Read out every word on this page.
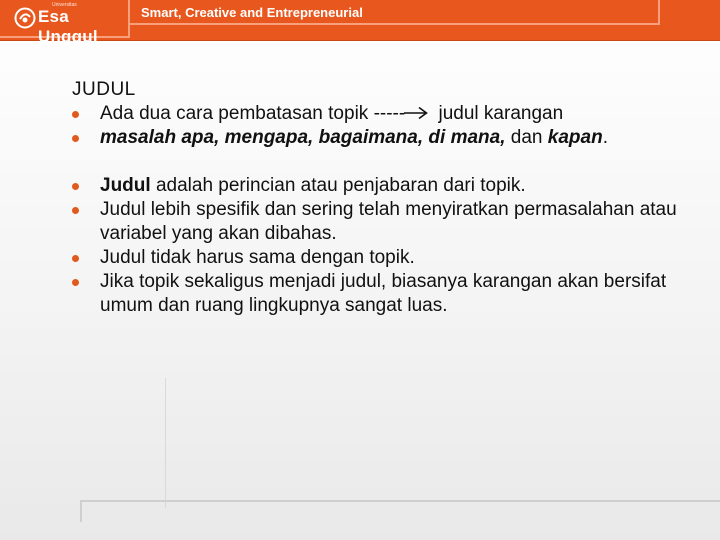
Universitas
Esa Unggul
Smart, Creative and Entrepreneurial
JUDUL
Ada dua cara pembatasan topik ----- judul karangan
masalah apa, mengapa, bagaimana, di mana, dan kapan.
Judul adalah perincian atau penjabaran dari topik.
Judul lebih spesifik dan sering telah menyiratkan permasalahan atau variabel yang akan dibahas.
Judul tidak harus sama dengan topik.
Jika topik sekaligus menjadi judul, biasanya karangan akan bersifat umum dan ruang lingkupnya sangat luas.
